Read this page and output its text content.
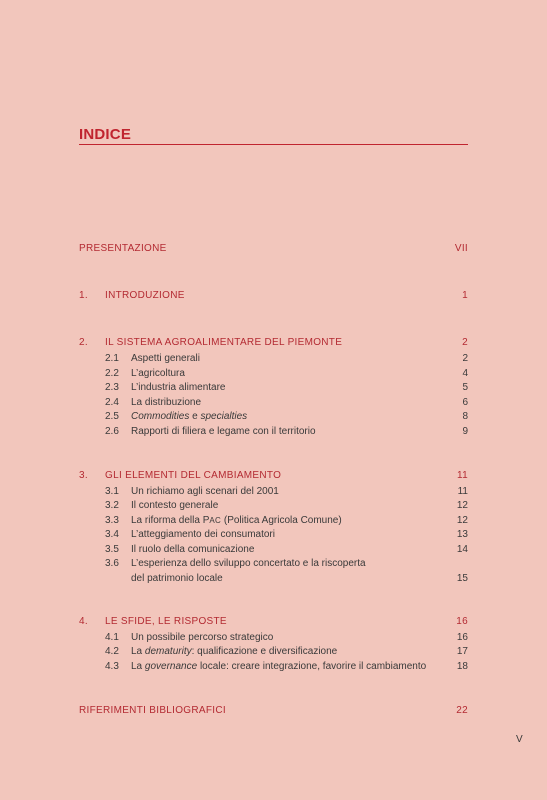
INDICE
PRESENTAZIONE	VII
1. INTRODUZIONE	1
2. IL SISTEMA AGROALIMENTARE DEL PIEMONTE	2
2.1 Aspetti generali	2
2.2 L’agricoltura	4
2.3 L’industria alimentare	5
2.4 La distribuzione	6
2.5 Commodities e specialties	8
2.6 Rapporti di filiera e legame con il territorio	9
3. GLI ELEMENTI DEL CAMBIAMENTO	11
3.1 Un richiamo agli scenari del 2001	11
3.2 Il contesto generale	12
3.3 La riforma della PAC (Politica Agricola Comune)	12
3.4 L’atteggiamento dei consumatori	13
3.5 Il ruolo della comunicazione	14
3.6 L’esperienza dello sviluppo concertato e la riscoperta
del patrimonio locale	15
4. LE SFIDE, LE RISPOSTE	16
4.1 Un possibile percorso strategico	16
4.2 La dematurity: qualificazione e diversificazione	17
4.3 La governance locale: creare integrazione, favorire il cambiamento	18
RIFERIMENTI BIBLIOGRAFICI	22
V
